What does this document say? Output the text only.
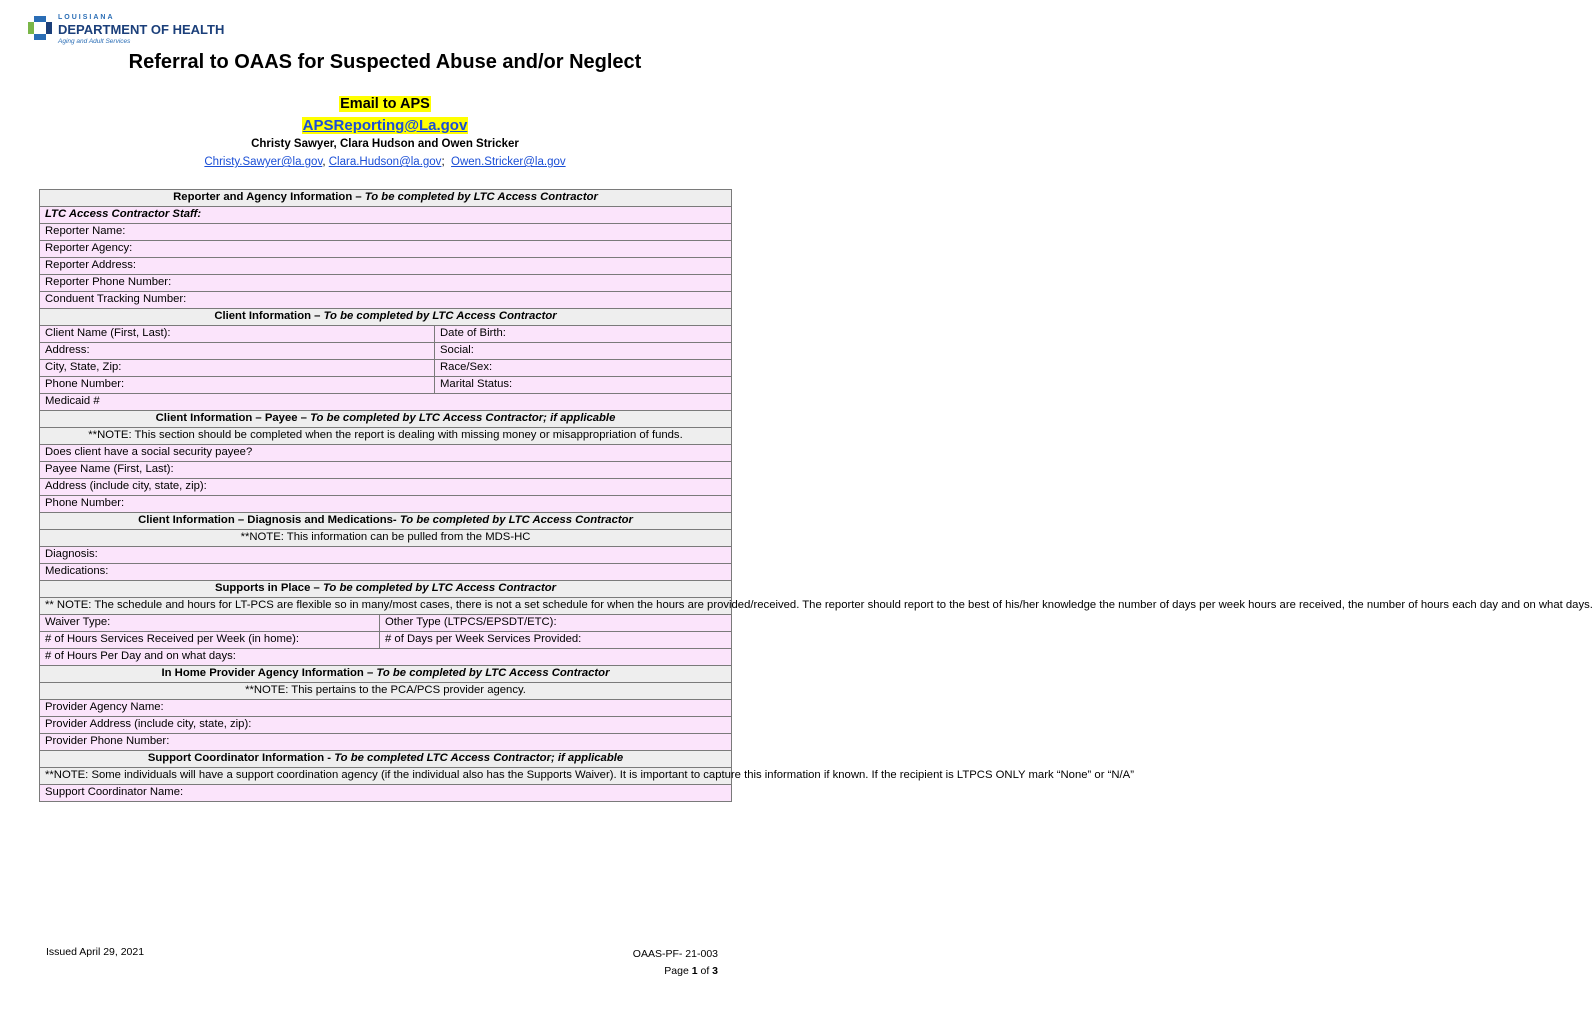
LOUISIANA
DEPARTMENT OF HEALTH
Aging and Adult Services
Referral to OAAS for Suspected Abuse and/or Neglect
Email to APS
APSReporting@La.gov
Christy Sawyer, Clara Hudson and Owen Stricker
Christy.Sawyer@la.gov, Clara.Hudson@la.gov;  Owen.Stricker@la.gov
Reporter and Agency Information – To be completed by LTC Access Contractor		
LTC Access Contractor Staff:		
Reporter Name:		
Reporter Agency:		
Reporter Address:		
Reporter Phone Number:		
Conduent Tracking Number:		
Client Information – To be completed by LTC Access Contractor		
Client Name (First, Last):		Date of Birth:
Address:		Social:
City, State, Zip:		Race/Sex:
Phone Number:		Marital Status:
Medicaid #		
Client Information – Payee – To be completed by LTC Access Contractor; if applicable		
**NOTE: This section should be completed when the report is dealing with missing money or misappropriation of funds.		
Does client have a social security payee?		
Payee Name (First, Last):		
Address (include city, state, zip):		
Phone Number:		
Client Information – Diagnosis and Medications- To be completed by LTC Access Contractor		
**NOTE: This information can be pulled from the MDS-HC		
Diagnosis:		
Medications:		
Supports in Place – To be completed by LTC Access Contractor		
** NOTE: The schedule and hours for LT-PCS are flexible so in many/most cases, there is not a set schedule for when the hours are provided/received. The reporter should report to the best of his/her knowledge the number of days per week hours are received, the number of hours each day and on what days.		
Waiver Type:	Other Type (LTPCS/EPSDT/ETC):	
# of Hours Services Received per Week (in home):	# of Days per Week Services Provided:	
# of Hours Per Day and on what days:		
In Home Provider Agency Information – To be completed by LTC Access Contractor		
**NOTE: This pertains to the PCA/PCS provider agency.		
Provider Agency Name:		
Provider Address (include city, state, zip):		
Provider Phone Number:		
Support Coordinator Information - To be completed LTC Access Contractor; if applicable		
**NOTE: Some individuals will have a support coordination agency (if the individual also has the Supports Waiver). It is important to capture this information if known. If the recipient is LTPCS ONLY mark “None” or “N/A”		
Support Coordinator Name:		
Issued April 29, 2021	OAAS-PF- 21-003
Page 1 of 3
